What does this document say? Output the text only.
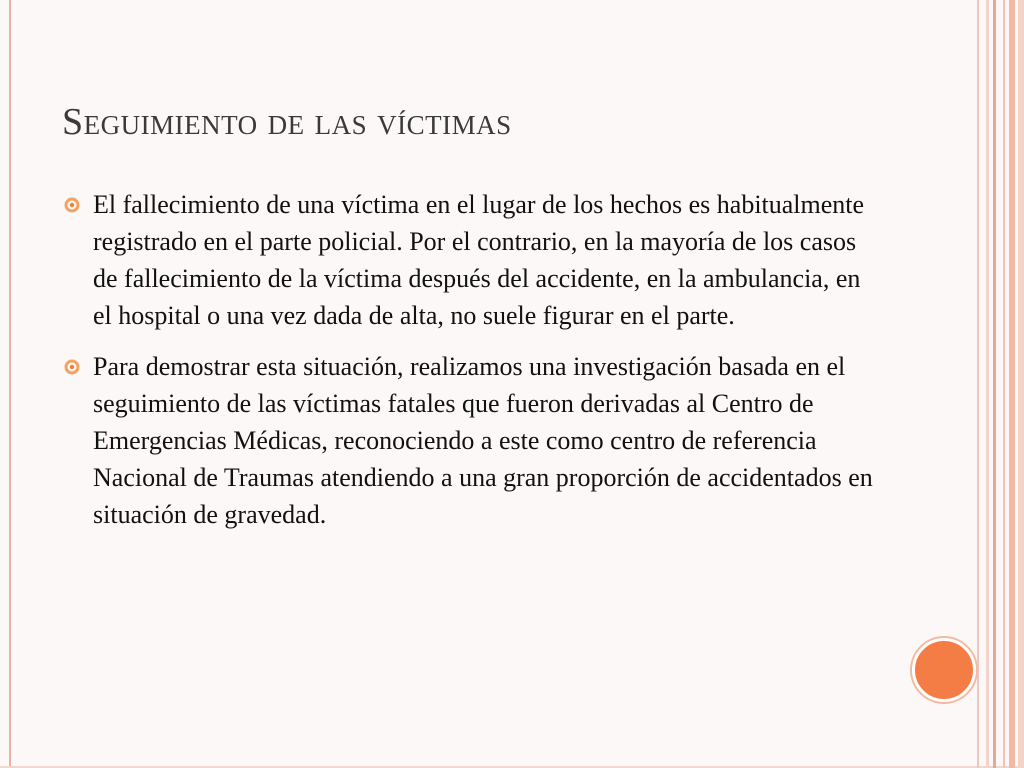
Seguimiento de las víctimas
El fallecimiento de una víctima en el lugar de los hechos es habitualmente registrado en el parte policial. Por el contrario, en la mayoría de los casos de fallecimiento de la víctima después del accidente, en la ambulancia, en el hospital o una vez dada de alta, no suele figurar en el parte.
Para demostrar esta situación, realizamos una investigación basada en el seguimiento de las víctimas fatales que fueron derivadas al Centro de Emergencias Médicas, reconociendo a este como centro de referencia Nacional de Traumas atendiendo a una gran proporción de accidentados en situación de gravedad.
